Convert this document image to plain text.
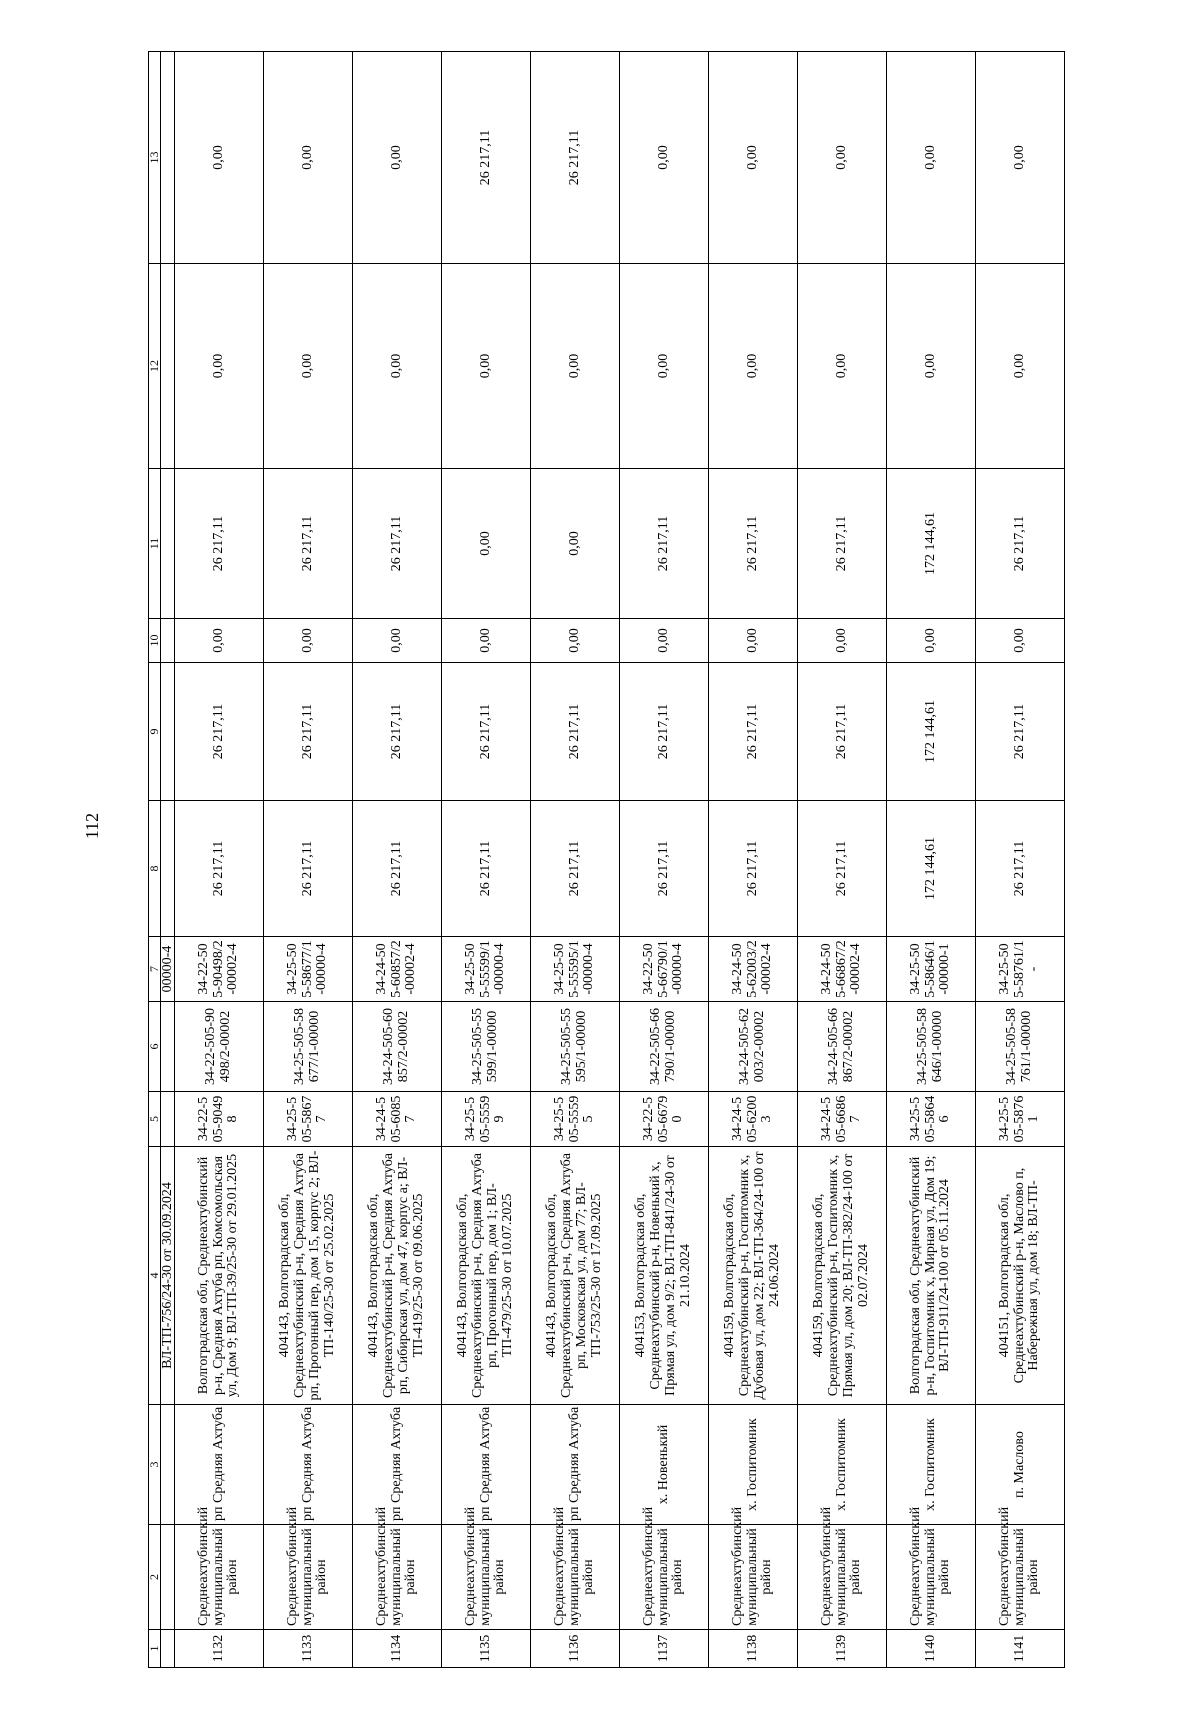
112
1	2	3	4	5	6	7	8	9	10	11	12	13
			ВЛ-ТП-756/24-30 от 30.09.2024			00000-4						
1132	Среднеахтубинский муниципальный район	рп Средняя Ахтуба	Волгоградская обл, Среднеахтубинский р-н, Средняя Ахтуба рп, Комсомольская ул, Дом 9; ВЛ-ТП-39/25-30 от 29.01.2025	34-22-505-90498	34-22-505-90498/2-00002	34-22-505-90498/2-00002-4	26 217,11	26 217,11	0,00	26 217,11	0,00	0,00
1133	Среднеахтубинский муниципальный район	рп Средняя Ахтуба	404143, Волгоградская обл, Среднеахтубинский р-н, Средняя Ахтуба рп, Прогонный пер, дом 15, корпус 2; ВЛ-ТП-140/25-30 от 25.02.2025	34-25-505-58677	34-25-505-58677/1-00000	34-25-505-58677/1-00000-4	26 217,11	26 217,11	0,00	26 217,11	0,00	0,00
1134	Среднеахтубинский муниципальный район	рп Средняя Ахтуба	404143, Волгоградская обл, Среднеахтубинский р-н, Средняя Ахтуба рп, Сибирская ул, дом 47, корпус а; ВЛ-ТП-419/25-30 от 09.06.2025	34-24-505-60857	34-24-505-60857/2-00002	34-24-505-60857/2-00002-4	26 217,11	26 217,11	0,00	26 217,11	0,00	0,00
1135	Среднеахтубинский муниципальный район	рп Средняя Ахтуба	404143, Волгоградская обл, Среднеахтубинский р-н, Средняя Ахтуба рп, Прогонный пер, дом 1; ВЛ-ТП-479/25-30 от 10.07.2025	34-25-505-55599	34-25-505-55599/1-00000	34-25-505-55599/1-00000-4	26 217,11	26 217,11	0,00	0,00	0,00	26 217,11
1136	Среднеахтубинский муниципальный район	рп Средняя Ахтуба	404143, Волгоградская обл, Среднеахтубинский р-н, Средняя Ахтуба рп, Московская ул, дом 77; ВЛ-ТП-753/25-30 от 17.09.2025	34-25-505-55595	34-25-505-55595/1-00000	34-25-505-55595/1-00000-4	26 217,11	26 217,11	0,00	0,00	0,00	26 217,11
1137	Среднеахтубинский муниципальный район	х. Новенький	404153, Волгоградская обл, Среднеахтубинский р-н, Новенький х, Прямая ул, дом 9/2; ВЛ-ТП-841/24-30 от 21.10.2024	34-22-505-66790	34-22-505-66790/1-00000	34-22-505-66790/1-00000-4	26 217,11	26 217,11	0,00	26 217,11	0,00	0,00
1138	Среднеахтубинский муниципальный район	х. Госпитомник	404159, Волгоградская обл, Среднеахтубинский р-н, Госпитомник х, Дубовая ул, дом 22; ВЛ-ТП-364/24-100 от 24.06.2024	34-24-505-62003	34-24-505-62003/2-00002	34-24-505-62003/2-00002-4	26 217,11	26 217,11	0,00	26 217,11	0,00	0,00
1139	Среднеахтубинский муниципальный район	х. Госпитомник	404159, Волгоградская обл, Среднеахтубинский р-н, Госпитомник х, Прямая ул, дом 20; ВЛ-ТП-382/24-100 от 02.07.2024	34-24-505-66867	34-24-505-66867/2-00002	34-24-505-66867/2-00002-4	26 217,11	26 217,11	0,00	26 217,11	0,00	0,00
1140	Среднеахтубинский муниципальный район	х. Госпитомник	Волгоградская обл, Среднеахтубинский р-н, Госпитомник х, Мирная ул, Дом 19; ВЛ-ТП-911/24-100 от 05.11.2024	34-25-505-58646	34-25-505-58646/1-00000	34-25-505-58646/1-00000-1	172 144,61	172 144,61	0,00	172 144,61	0,00	0,00
1141	Среднеахтубинский муниципальный район	п. Маслово	404151, Волгоградская обл, Среднеахтубинский р-н, Маслово п, Набережная ул, дом 18; ВЛ-ТП-	34-25-505-58761	34-25-505-58761/1-00000	34-25-505-58761/1-	26 217,11	26 217,11	0,00	26 217,11	0,00	0,00
